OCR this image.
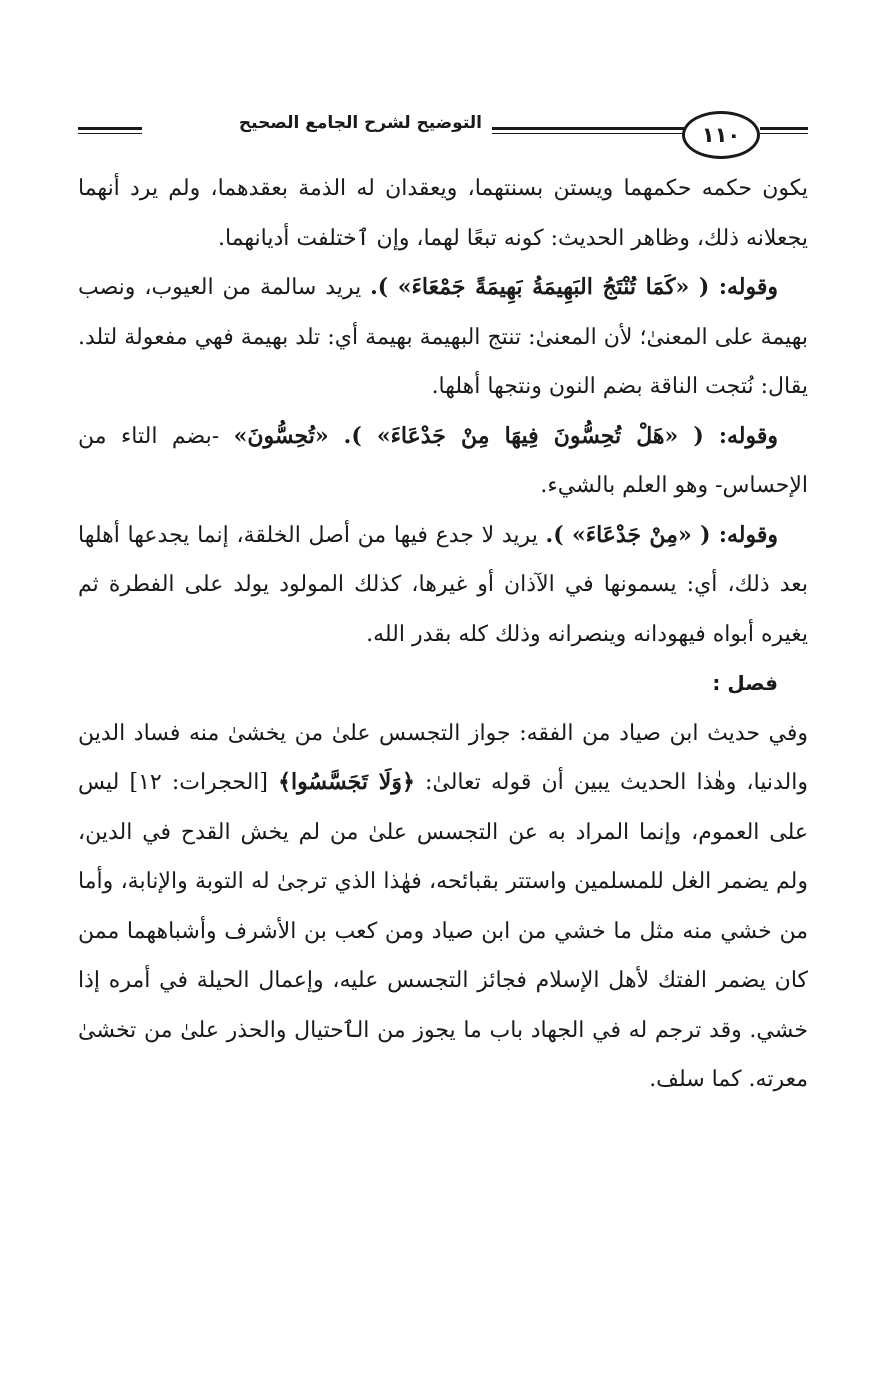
١١٠
التوضيح لشرح الجامع الصحيح

يكون حكمه حكمهما ويستن بسنتهما، ويعقدان له الذمة بعقدهما، ولم يرد أنهما يجعلانه ذلك، وظاهر الحديث: كونه تبعًا لهما، وإن ٱختلفت أديانهما.

وقوله: ( «كَمَا تُنْتَجُ البَهِيمَةُ بَهِيمَةً جَمْعَاءَ» ). يريد سالمة من العيوب، ونصب بهيمة على المعنىٰ؛ لأن المعنىٰ: تنتج البهيمة بهيمة أي: تلد بهيمة فهي مفعولة لتلد. يقال: نُتجت الناقة بضم النون ونتجها أهلها.

وقوله: ( «هَلْ تُحِسُّونَ فِيهَا مِنْ جَدْعَاءَ» ). «تُحِسُّونَ» -بضم التاء من الإحساس- وهو العلم بالشيء.

وقوله: ( «مِنْ جَدْعَاءَ» ). يريد لا جدع فيها من أصل الخلقة، إنما يجدعها أهلها بعد ذلك، أي: يسمونها في الآذان أو غيرها، كذلك المولود يولد على الفطرة ثم يغيره أبواه فيهودانه وينصرانه وذلك كله بقدر الله.

فصل :

وفي حديث ابن صياد من الفقه: جواز التجسس علىٰ من يخشىٰ منه فساد الدين والدنيا، وهٰذا الحديث يبين أن قوله تعالىٰ: ﴿وَلَا تَجَسَّسُوا﴾ [الحجرات: ١٢] ليس على العموم، وإنما المراد به عن التجسس علىٰ من لم يخش القدح في الدين، ولم يضمر الغل للمسلمين واستتر بقبائحه، فهٰذا الذي ترجىٰ له التوبة والإنابة، وأما من خشي منه مثل ما خشي من ابن صياد ومن كعب بن الأشرف وأشباههما ممن كان يضمر الفتك لأهل الإسلام فجائز التجسس عليه، وإعمال الحيلة في أمره إذا خشي. وقد ترجم له في الجهاد باب ما يجوز من الٱحتيال والحذر علىٰ من تخشىٰ معرته. كما سلف.
